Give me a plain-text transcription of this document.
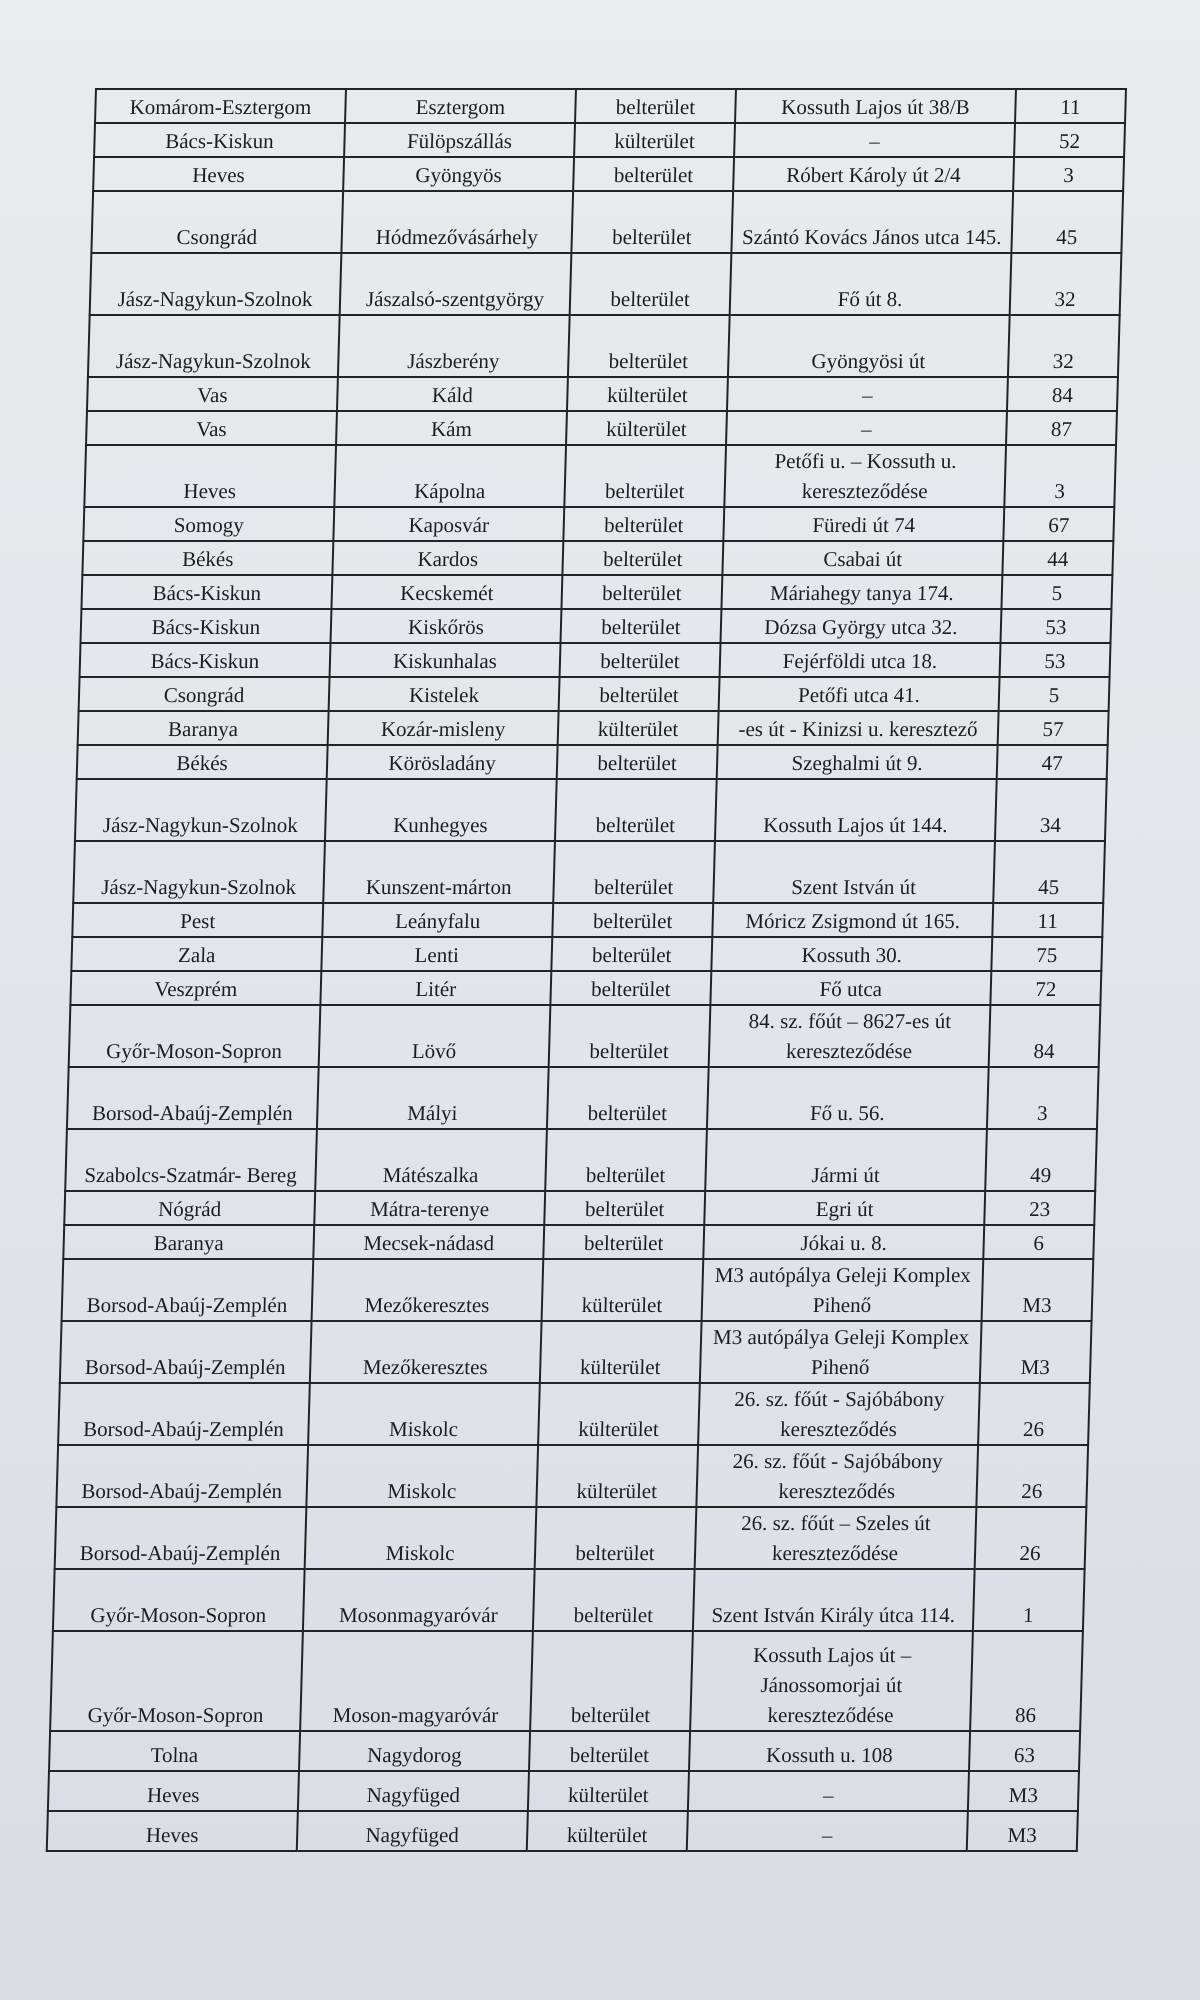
Komárom-Esztergom	Esztergom	belterület	Kossuth Lajos út 38/B	11
Bács-Kiskun	Fülöpszállás	külterület	–	52
Heves	Gyöngyös	belterület	Róbert Károly út 2/4	3
Csongrád	Hódmezővásárhely	belterület	Szántó Kovács János utca 145.	45
Jász-Nagykun-Szolnok	Jászalsó-szentgyörgy	belterület	Fő út 8.	32
Jász-Nagykun-Szolnok	Jászberény	belterület	Gyöngyösi út	32
Vas	Káld	külterület	–	84
Vas	Kám	külterület	–	87
Heves	Kápolna	belterület	Petőfi u. – Kossuth u. kereszteződése	3
Somogy	Kaposvár	belterület	Füredi út 74	67
Békés	Kardos	belterület	Csabai út	44
Bács-Kiskun	Kecskemét	belterület	Máriahegy tanya 174.	5
Bács-Kiskun	Kiskőrös	belterület	Dózsa György utca 32.	53
Bács-Kiskun	Kiskunhalas	belterület	Fejérföldi utca 18.	53
Csongrád	Kistelek	belterület	Petőfi utca 41.	5
Baranya	Kozár-misleny	külterület	-es út - Kinizsi u. keresztező	57
Békés	Körösladány	belterület	Szeghalmi út 9.	47
Jász-Nagykun-Szolnok	Kunhegyes	belterület	Kossuth Lajos út 144.	34
Jász-Nagykun-Szolnok	Kunszent-márton	belterület	Szent István út	45
Pest	Leányfalu	belterület	Móricz Zsigmond út 165.	11
Zala	Lenti	belterület	Kossuth 30.	75
Veszprém	Litér	belterület	Fő utca	72
Győr-Moson-Sopron	Lövő	belterület	84. sz. főút – 8627-es út kereszteződése	84
Borsod-Abaúj-Zemplén	Mályi	belterület	Fő u. 56.	3
Szabolcs-Szatmár- Bereg	Mátészalka	belterület	Jármi út	49
Nógrád	Mátra-terenye	belterület	Egri út	23
Baranya	Mecsek-nádasd	belterület	Jókai u. 8.	6
Borsod-Abaúj-Zemplén	Mezőkeresztes	külterület	M3 autópálya Geleji Komplex Pihenő	M3
Borsod-Abaúj-Zemplén	Mezőkeresztes	külterület	M3 autópálya Geleji Komplex Pihenő	M3
Borsod-Abaúj-Zemplén	Miskolc	külterület	26. sz. főút - Sajóbábony kereszteződés	26
Borsod-Abaúj-Zemplén	Miskolc	külterület	26. sz. főút - Sajóbábony kereszteződés	26
Borsod-Abaúj-Zemplén	Miskolc	belterület	26. sz. főút – Szeles út kereszteződése	26
Győr-Moson-Sopron	Mosonmagyaróvár	belterület	Szent István Király útca 114.	1
Győr-Moson-Sopron	Moson-magyaróvár	belterület	Kossuth Lajos út – Jánossomorjai út kereszteződése	86
Tolna	Nagydorog	belterület	Kossuth u. 108	63
Heves	Nagyfüged	külterület	–	M3
Heves	Nagyfüged	külterület	–	M3
